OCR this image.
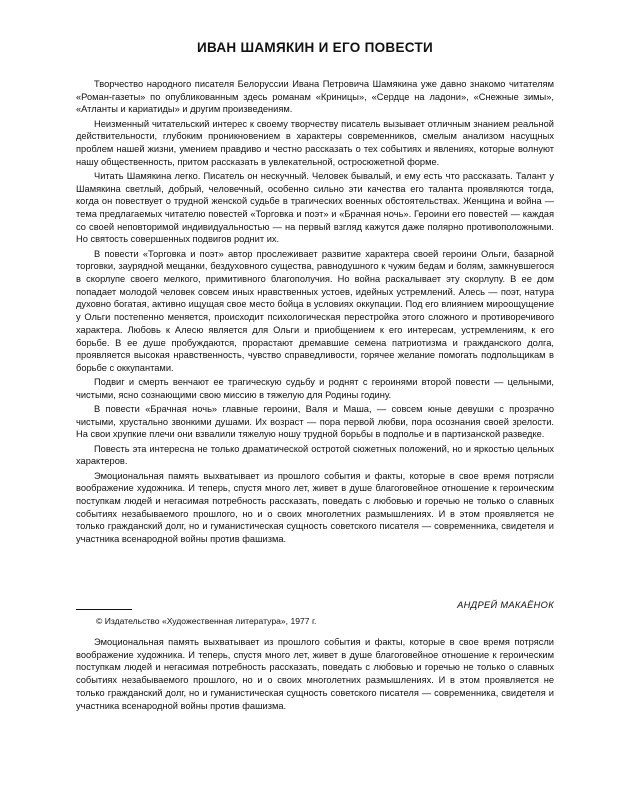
ИВАН ШАМЯКИН И ЕГО ПОВЕСТИ

Творчество народного писателя Белоруссии Ивана Петровича Шамякина уже давно знакомо читателям «Роман-газеты» по опубликованным здесь романам «Криницы», «Сердце на ладони», «Снежные зимы», «Атланты и кариатиды» и другим произведениям.

Неизменный читательский интерес к своему творчеству писатель вызывает отличным знанием реальной действительности, глубоким проникновением в характеры современников, смелым анализом насущных проблем нашей жизни, умением правдиво и честно рассказать о тех событиях и явлениях, которые волнуют нашу общественность, притом рассказать в увлекательной, остросюжетной форме.

Читать Шамякина легко. Писатель он нескучный. Человек бывалый, и ему есть что рассказать. Талант у Шамякина светлый, добрый, человечный, особенно сильно эти качества его таланта проявляются тогда, когда он повествует о трудной женской судьбе в трагических военных обстоятельствах. Женщина и война — тема предлагаемых читателю повестей «Торговка и поэт» и «Брачная ночь». Героини его повестей — каждая со своей неповторимой индивидуальностью — на первый взгляд кажутся даже полярно противоположными. Но святость совершенных подвигов роднит их.

В повести «Торговка и поэт» автор прослеживает развитие характера своей героини Ольги, базарной торговки, заурядной мещанки, бездуховного существа, равнодушного к чужим бедам и болям, замкнувшегося в скорлупе своего мелкого, примитивного благополучия. Но война раскалывает эту скорлупу. В ее дом попадает молодой человек совсем иных нравственных устоев, идейных устремлений. Алесь — поэт, натура духовно богатая, активно ищущая свое место бойца в условиях оккупации. Под его влиянием мироощущение у Ольги постепенно меняется, происходит психологическая перестройка этого сложного и противоречивого характера. Любовь к Алесю является для Ольги и приобщением к его интересам, устремлениям, к его борьбе. В ее душе пробуждаются, прорастают дремавшие семена патриотизма и гражданского долга, проявляется высокая нравственность, чувство справедливости, горячее желание помогать подпольщикам в борьбе с оккупантами.

Подвиг и смерть венчают ее трагическую судьбу и роднят с героинями второй повести — цельными, чистыми, ясно сознающими свою миссию в тяжелую для Родины годину.

В повести «Брачная ночь» главные героини, Валя и Маша, — совсем юные девушки с прозрачно чистыми, хрустально звонкими душами. Их возраст — пора первой любви, пора осознания своей зрелости. На свои хрупкие плечи они взвалили тяжелую ношу трудной борьбы в подполье и в партизанской разведке.

Повесть эта интересна не только драматической остротой сюжетных положений, но и яркостью цельных характеров.

Эмоциональная память выхватывает из прошлого события и факты, которые в свое время потрясли воображение художника. И теперь, спустя много лет, живет в душе благоговейное отношение к героическим поступкам людей и негасимая потребность рассказать, поведать с любовью и горечью не только о славных событиях незабываемого прошлого, но и о своих многолетних размышлениях. И в этом проявляется не только гражданский долг, но и гуманистическая сущность советского писателя — современника, свидетеля и участника всенародной войны против фашизма.

АНДРЕЙ МАКАЁНОК
© Издательство «Художественная литература», 1977 г.

Эмоциональная память выхватывает из прошлого события и факты, которые в свое время потрясли воображение художника. И теперь, спустя много лет, живет в душе благоговейное отношение к героическим поступкам людей и негасимая потребность рассказать, поведать с любовью и горечью не только о славных событиях незабываемого прошлого, но и о своих многолетних размышлениях. И в этом проявляется не только гражданский долг, но и гуманистическая сущность советского писателя — современника, свидетеля и участника всенародной войны против фашизма.
